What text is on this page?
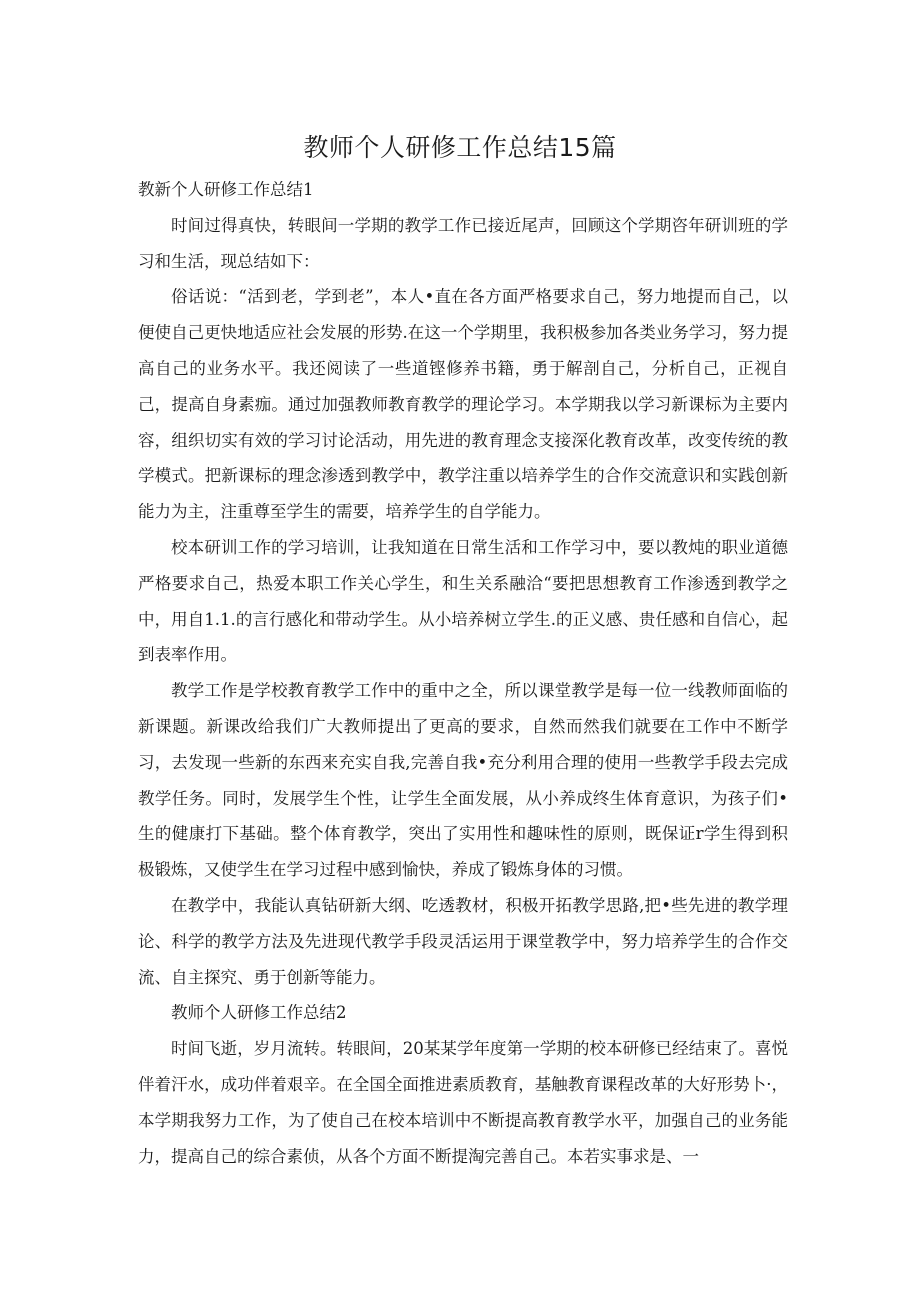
教师个人研修工作总结15篇

教新个人研修工作总结1

时间过得真快，转眼间一学期的教学工作已接近尾声，回顾这个学期咨年研训班的学习和生活，现总结如下：

俗话说：“活到老，学到老”，本人•直在各方面严格要求自己，努力地提而自己，以便使自己更快地适应社会发展的形势.在这一个学期里，我积极参加各类业务学习，努力提高自己的业务水平。我还阅读了一些道铿修养书籍，勇于解剖自己，分析自己，正视自己，提高自身素痂。通过加强教师教育教学的理论学习。本学期我以学习新课标为主要内容，组织切实有效的学习讨论活动，用先进的教育理念支接深化教育改革，改变传统的教学模式。把新课标的理念渗透到教学中，教学注重以培养学生的合作交流意识和实践创新能力为主，注重尊至学生的需要，培养学生的自学能力。

校本研训工作的学习培训，让我知道在日常生活和工作学习中，要以教炖的职业道德严格要求自己，热爱本职工作关心学生，和生关系融洽“要把思想教育工作渗透到教学之中，用自1.1.的言行感化和带动学生。从小培养树立学生.的正义感、贵任感和自信心，起到表率作用。

教学工作是学校教育教学工作中的重中之全，所以课堂教学是每一位一线教师面临的新课题。新课改给我们广大教师提出了更高的要求，自然而然我们就要在工作中不断学习，去发现一些新的东西来充实自我,完善自我•充分利用合理的使用一些教学手段去完成教学任务。同时，发展学生个性，让学生全面发展，从小养成终生体育意识，为孩子们•生的健康打下基础。整个体育教学，突出了实用性和趣味性的原则，既保证r学生得到积极锻炼，又使学生在学习过程中感到愉快，养成了锻炼身体的习惯。

在教学中，我能认真钻研新大纲、吃透教材，积极开拓教学思路,把•些先进的教学理论、科学的教学方法及先进现代教学手段灵活运用于课堂教学中，努力培养学生的合作交流、自主探究、勇于创新等能力。

教师个人研修工作总结2

时间飞逝，岁月流转。转眼间，20某某学年度第一学期的校本研修已经结束了。喜悦伴着汗水，成功伴着艰辛。在全国全面推进素质教育，基触教育课程改革的大好形势卜·，本学期我努力工作，为了使自己在校本培训中不断提高教育教学水平，加强自己的业务能力，提高自己的综合素侦，从各个方面不断提淘完善自己。本若实事求是、一
